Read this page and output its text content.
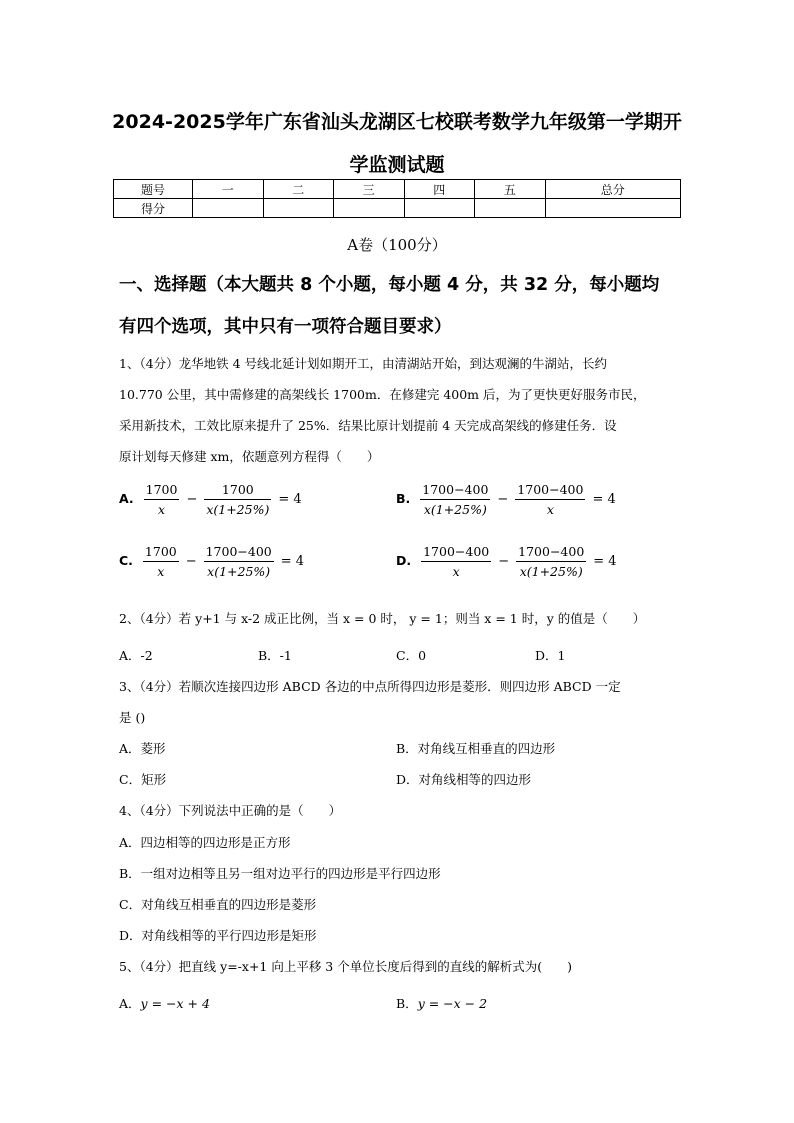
2024-2025学年广东省汕头龙湖区七校联考数学九年级第一学期开
学监测试题
题号	一	二	三	四	五	总分
得分						
A卷（100分）
一、选择题（本大题共 8 个小题，每小题 4 分，共 32 分，每小题均
有四个选项，其中只有一项符合题目要求）
1、（4分）龙华地铁 4 号线北延计划如期开工，由清湖站开始，到达观澜的牛湖站，长约
10.770 公里，其中需修建的高架线长 1700m．在修建完 400m 后，为了更快更好服务市民，
采用新技术，工效比原来提升了 25%．结果比原计划提前 4 天完成高架线的修建任务．设
原计划每天修建 xm，依题意列方程得（　　）
A. $\frac{1700}{x} - \frac{1700}{x(1+25\%)} = 4$	B. $\frac{1700-400}{x(1+25\%)} - \frac{1700-400}{x} = 4$
C. $\frac{1700}{x} - \frac{1700-400}{x(1+25\%)} = 4$	D. $\frac{1700-400}{x} - \frac{1700-400}{x(1+25\%)} = 4$
2、（4分）若 y+1 与 x-2 成正比例，当 x = 0 时， y = 1；则当 x = 1 时，y 的值是（　　）
A．-2	B．-1	C．0	D．1
3、（4分）若顺次连接四边形 ABCD 各边的中点所得四边形是菱形．则四边形 ABCD 一定
是 ()
A．菱形	B．对角线互相垂直的四边形
C．矩形	D．对角线相等的四边形
4、（4分）下列说法中正确的是（　　）
A．四边相等的四边形是正方形
B．一组对边相等且另一组对边平行的四边形是平行四边形
C．对角线互相垂直的四边形是菱形
D．对角线相等的平行四边形是矩形
5、（4分）把直线 y=-x+1 向上平移 3 个单位长度后得到的直线的解析式为(　　)
A．y = −x + 4	B．y = −x − 2
